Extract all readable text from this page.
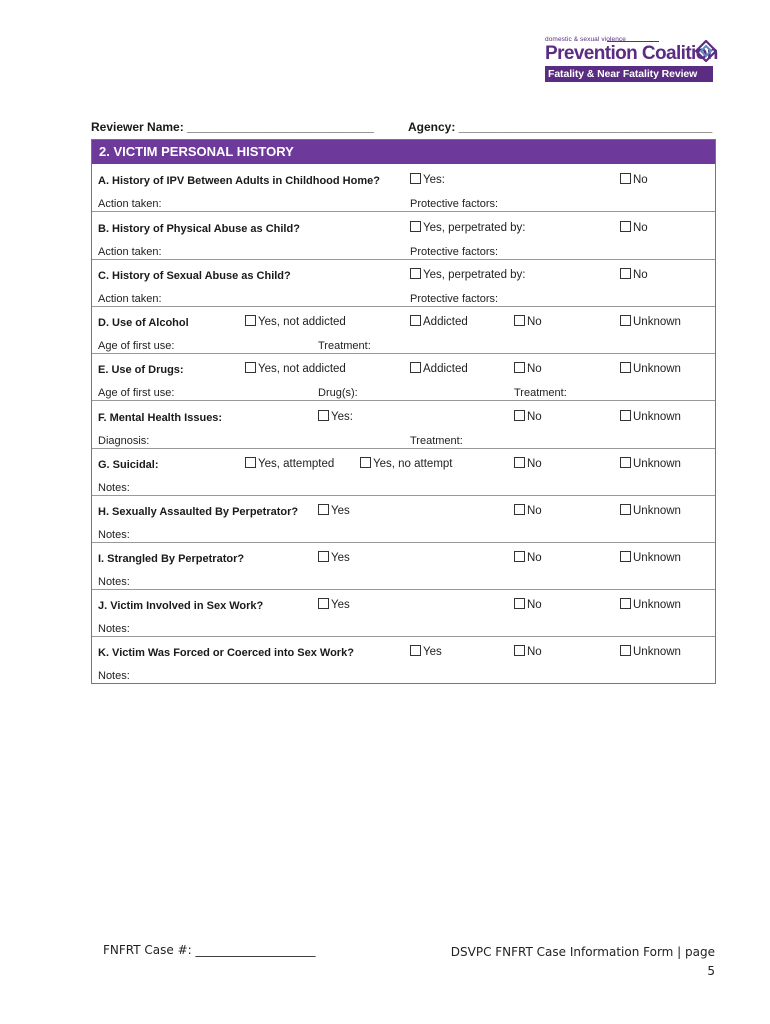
domestic & sexual violence
Prevention Coalition
Fatality & Near Fatality Review
Reviewer Name: ____________________________	Agency: ______________________________________
2. VICTIM PERSONAL HISTORY
A. History of IPV Between Adults in Childhood Home?	Yes:	No
Action taken:	Protective factors:
B. History of Physical Abuse as Child?	Yes, perpetrated by:	No
Action taken:	Protective factors:
C. History of Sexual Abuse as Child?	Yes, perpetrated by:	No
Action taken:	Protective factors:
D. Use of Alcohol	Yes, not addicted	Addicted	No	Unknown
Age of first use:	Treatment:
E. Use of Drugs:	Yes, not addicted	Addicted	No	Unknown
Age of first use:	Drug(s):	Treatment:
F. Mental Health Issues:	Yes:	No	Unknown
Diagnosis:	Treatment:
G. Suicidal:	Yes, attempted	Yes, no attempt	No	Unknown
Notes:
H. Sexually Assaulted By Perpetrator?	Yes	No	Unknown
Notes:
I. Strangled By Perpetrator?	Yes	No	Unknown
Notes:
J. Victim Involved in Sex Work?	Yes	No	Unknown
Notes:
K. Victim Was Forced or Coerced into Sex Work?	Yes	No	Unknown
Notes:
FNFRT Case #: ____________________	DSVPC FNFRT Case Information Form | page
5
